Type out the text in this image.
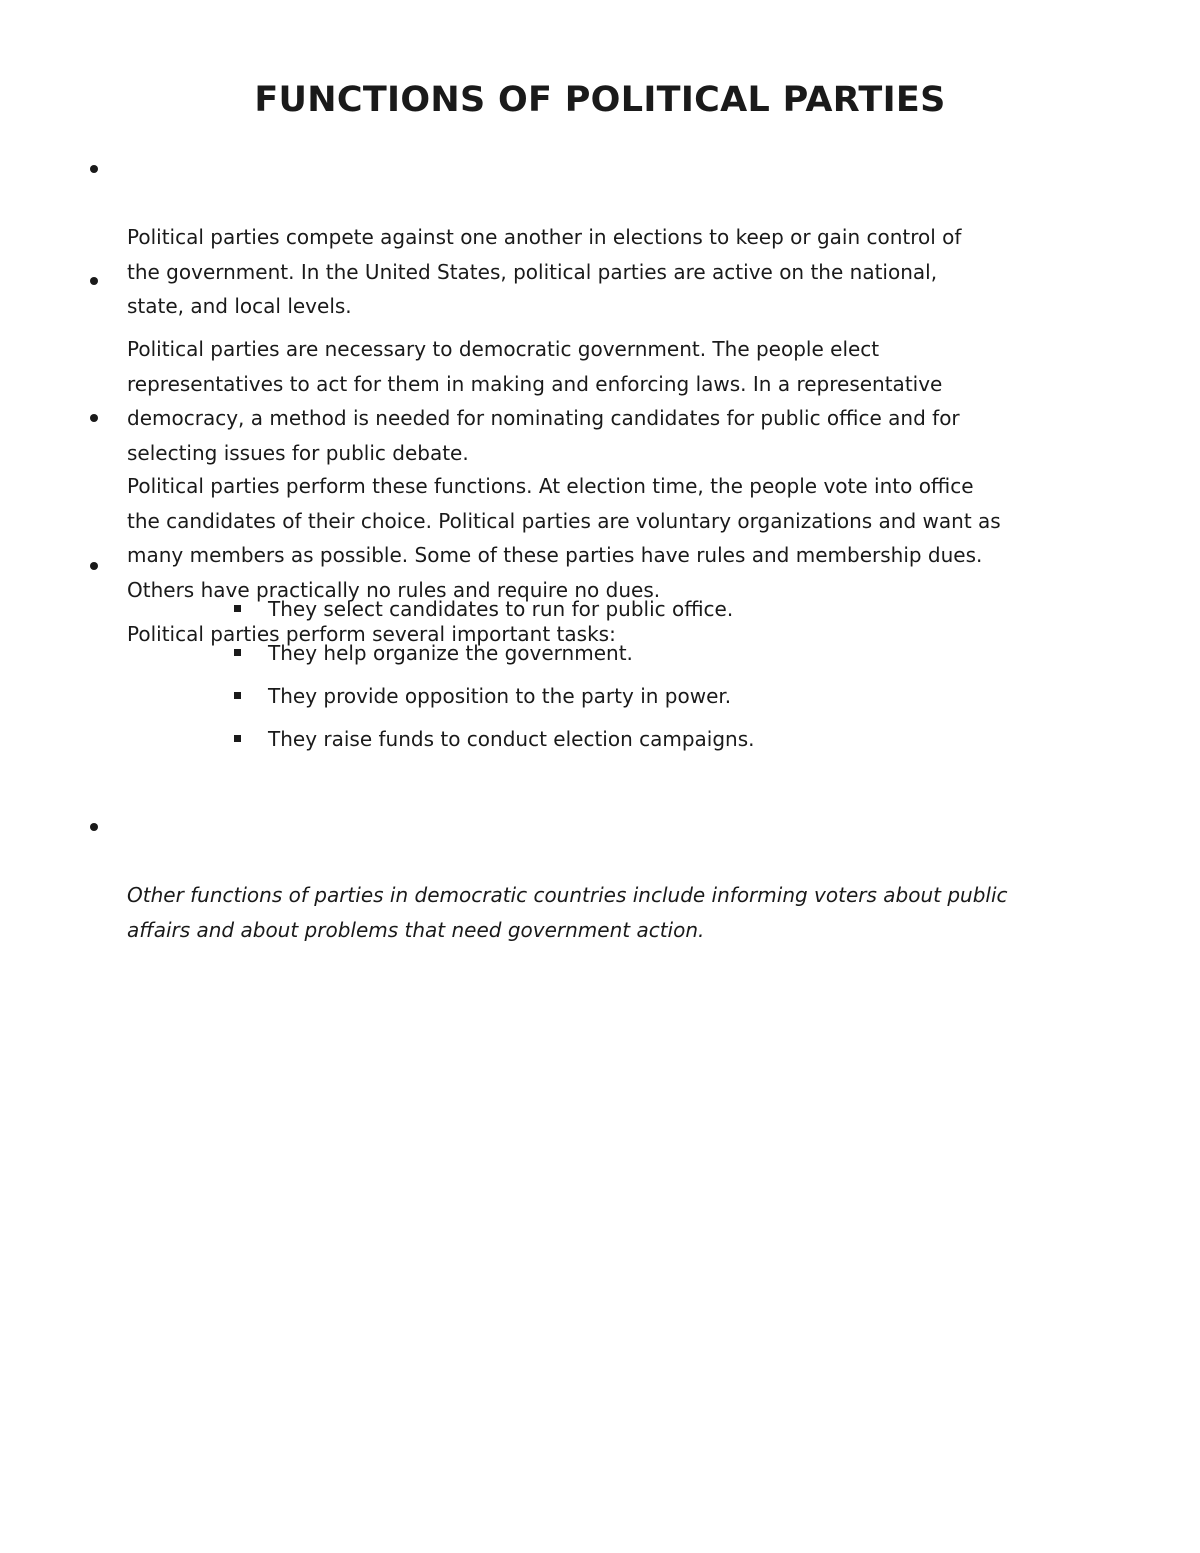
FUNCTIONS OF POLITICAL PARTIES

Political parties compete against one another in elections to keep or gain control of
the government. In the United States, political parties are active on the national,
state, and local levels.

Political parties are necessary to democratic government. The people elect
representatives to act for them in making and enforcing laws. In a representative
democracy, a method is needed for nominating candidates for public office and for
selecting issues for public debate.

Political parties perform these functions. At election time, the people vote into office
the candidates of their choice. Political parties are voluntary organizations and want as
many members as possible. Some of these parties have rules and membership dues.
Others have practically no rules and require no dues.

Political parties perform several important tasks:

They select candidates to run for public office.
They help organize the government.
They provide opposition to the party in power.
They raise funds to conduct election campaigns.

Other functions of parties in democratic countries include informing voters about public
affairs and about problems that need government action.
